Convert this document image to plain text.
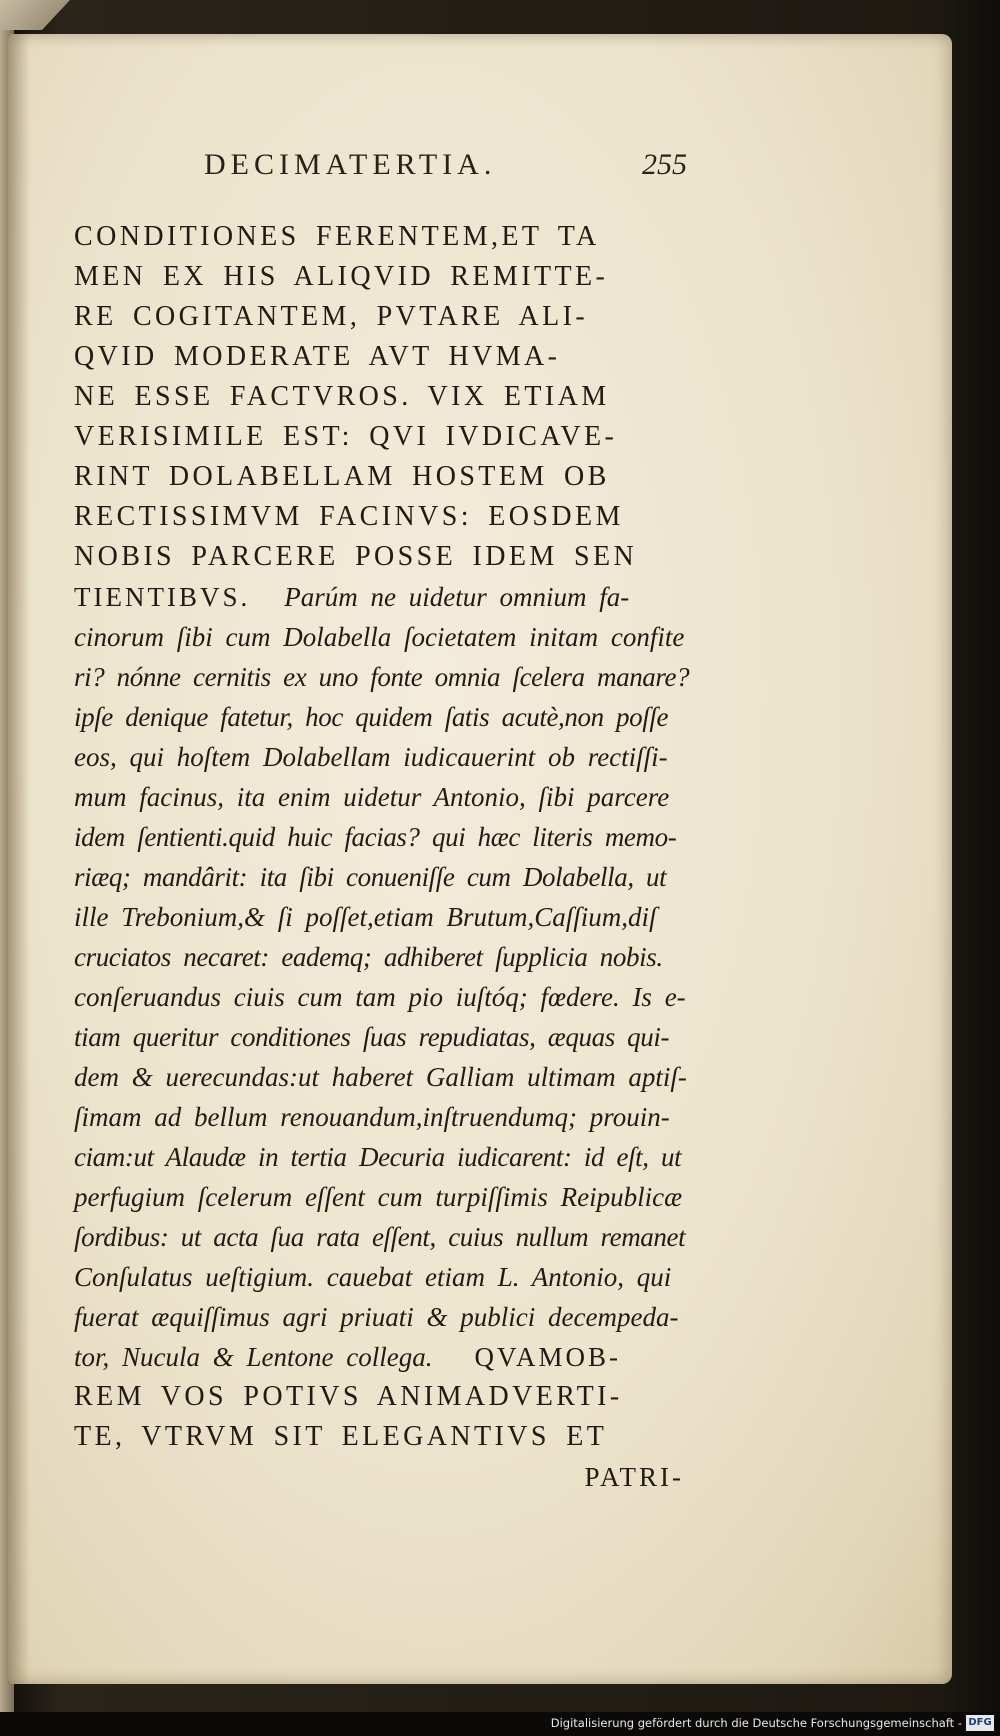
DECIMATERTIA.	255
CONDITIONES FERENTEM,ET TA
MEN EX HIS ALIQVID REMITTE-
RE COGITANTEM, PVTARE ALI-
QVID MODERATE AVT HVMA-
NE ESSE FACTVROS. VIX ETIAM
VERISIMILE EST: QVI IVDICAVE-
RINT DOLABELLAM HOSTEM OB
RECTISSIMVM FACINVS: EOSDEM
NOBIS PARCERE POSSE IDEM SEN
TIENTIBVS. Parúm ne uidetur omnium fa-
cinorum ſibi cum Dolabella ſocietatem initam confite
ri? nónne cernitis ex uno fonte omnia ſcelera manare?
ipſe denique fatetur, hoc quidem ſatis acutè,non poſſe
eos, qui hoſtem Dolabellam iudicauerint ob rectiſſi-
mum facinus, ita enim uidetur Antonio, ſibi parcere
idem ſentienti.quid huic facias? qui hæc literis memo-
riæq; mandârit: ita ſibi conueniſſe cum Dolabella, ut
ille Trebonium,& ſi poſſet,etiam Brutum,Caſſium,diſ
cruciatos necaret: eademq; adhiberet ſupplicia nobis.
conſeruandus ciuis cum tam pio iuſtóq; fœdere. Is e-
tiam queritur conditiones ſuas repudiatas, æquas qui-
dem & uerecundas:ut haberet Galliam ultimam aptiſ-
ſimam ad bellum renouandum,inſtruendumq; prouin-
ciam:ut Alaudæ in tertia Decuria iudicarent: id eſt, ut
perfugium ſcelerum eſſent cum turpiſſimis Reipublicæ
ſordibus: ut acta ſua rata eſſent, cuius nullum remanet
Conſulatus ueſtigium. cauebat etiam L. Antonio, qui
fuerat æquiſſimus agri priuati & publici decempeda-
tor, Nucula & Lentone collega. QVAMOB-
REM VOS POTIVS ANIMADVERTI-
TE, VTRVM SIT ELEGANTIVS ET
PATRI-
Digitalisierung gefördert durch die Deutsche Forschungsgemeinschaft - DFG
